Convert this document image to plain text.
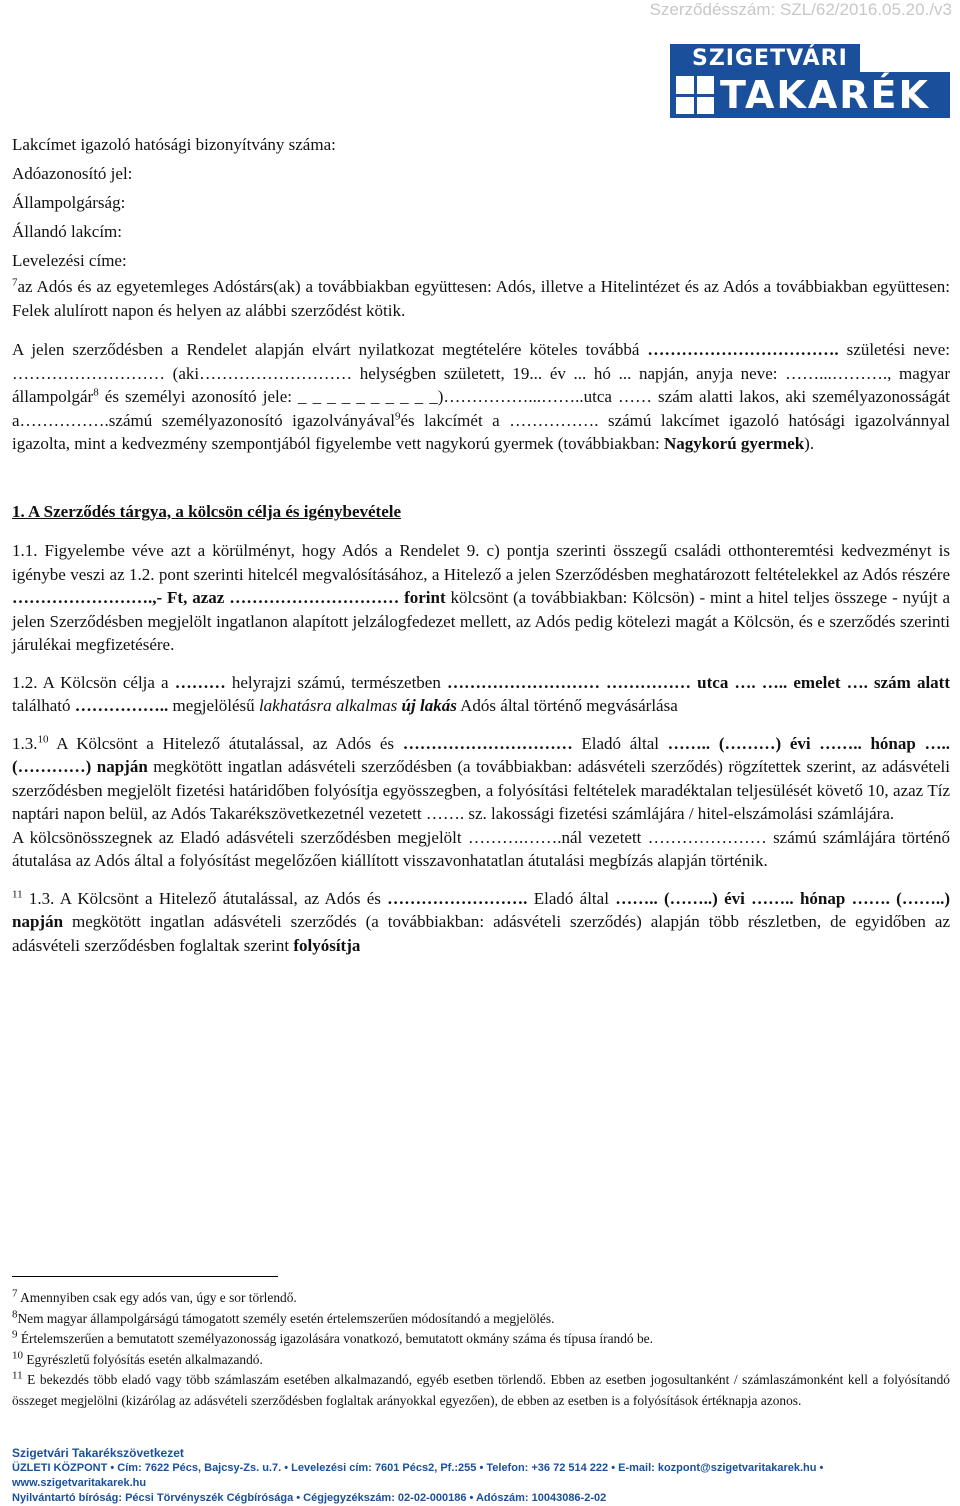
Szerződésszám: SZL/62/2016.05.20./v3
SZIGETVÁRI
TAKARÉK

Lakcímet igazoló hatósági bizonyítvány száma:

Adóazonosító jel:

Állampolgárság:

Állandó lakcím:

Levelezési címe:

$^7$az Adós és az egyetemleges Adóstárs(ak) a továbbiakban együttesen: Adós, illetve a Hitelintézet és az Adós a továbbiakban együttesen: Felek alulírott napon és helyen az alábbi szerződést kötik.

A jelen szerződésben a Rendelet alapján elvárt nyilatkozat megtételére köteles továbbá ……………………………. születési neve: ……………………… (aki……………………… helységben született, 19... év ... hó ... napján, anyja neve: ……...………., magyar állampolgár$^8$ és személyi azonosító jele: _ _ _ _ _ _ _ _ _ _)……………...……..utca …… szám alatti lakos, aki személyazonosságát a…………….számú személyazonosító igazolványával$^9$és lakcímét a ……………. számú lakcímet igazoló hatósági igazolvánnyal igazolta, mint a kedvezmény szempontjából figyelembe vett nagykorú gyermek (továbbiakban: Nagykorú gyermek).

1. A Szerződés tárgya, a kölcsön célja és igénybevétele

1.1. Figyelembe véve azt a körülményt, hogy Adós a Rendelet 9. c) pontja szerinti összegű családi otthonteremtési kedvezményt is igénybe veszi az 1.2. pont szerinti hitelcél megvalósításához, a Hitelező a jelen Szerződésben meghatározott feltételekkel az Adós részére …………………….,- Ft, azaz ………………………… forint kölcsönt (a továbbiakban: Kölcsön) - mint a hitel teljes összege - nyújt a jelen Szerződésben megjelölt ingatlanon alapított jelzálogfedezet mellett, az Adós pedig kötelezi magát a Kölcsön, és e szerződés szerinti járulékai megfizetésére.

1.2. A Kölcsön célja a ……… helyrajzi számú, természetben ……………………… …………… utca …. ….. emelet …. szám alatt található …………….. megjelölésű lakhatásra alkalmas új lakás Adós által történő megvásárlása

1.3.10 A Kölcsönt a Hitelező átutalással, az Adós és ………………………… Eladó által …….. (………) évi …….. hónap …..(…………) napján megkötött ingatlan adásvételi szerződésben (a továbbiakban: adásvételi szerződés) rögzítettek szerint, az adásvételi szerződésben megjelölt fizetési határidőben folyósítja egyösszegben, a folyósítási feltételek maradéktalan teljesülését követő 10, azaz Tíz naptári napon belül, az Adós Takarékszövetkezetnél vezetett ……. sz. lakossági fizetési számlájára / hitel-elszámolási számlájára.

A kölcsönösszegnek az Eladó adásvételi szerződésben megjelölt ……….…….nál vezetett ………………… számú számlájára történő átutalása az Adós által a folyósítást megelőzően kiállított visszavonhatatlan átutalási megbízás alapján történik.

$^{11}$ 1.3. A Kölcsönt a Hitelező átutalással, az Adós és ……………………. Eladó által …….. (……..) évi …….. hónap ……. (……..) napján megkötött ingatlan adásvételi szerződés (a továbbiakban: adásvételi szerződés) alapján több részletben, de egyidőben az adásvételi szerződésben foglaltak szerint folyósítja

$^7$ Amennyiben csak egy adós van, úgy e sor törlendő.

$^8$Nem magyar állampolgárságú támogatott személy esetén értelemszerűen módosítandó a megjelölés.

$^9$ Értelemszerűen a bemutatott személyazonosság igazolására vonatkozó, bemutatott okmány száma és típusa írandó be.

$^{10}$ Egyrészletű folyósítás esetén alkalmazandó.

$^{11}$ E bekezdés több eladó vagy több számlaszám esetében alkalmazandó, egyéb esetben törlendő. Ebben az esetben jogosultanként / számlaszámonként kell a folyósítandó összeget megjelölni (kizárólag az adásvételi szerződésben foglaltak arányokkal egyezően), de ebben az esetben is a folyósítások értéknapja azonos.

Szigetvári Takarékszövetkezet
ÜZLETI KÖZPONT • Cím: 7622 Pécs, Bajcsy-Zs. u.7. • Levelezési cím: 7601 Pécs2, Pf.:255 • Telefon: +36 72 514 222 • E-mail: kozpont@szigetvaritakarek.hu • www.szigetvaritakarek.hu
Nyilvántartó bíróság: Pécsi Törvényszék Cégbírósága • Cégjegyzékszám: 02-02-000186 • Adószám: 10043086-2-02
